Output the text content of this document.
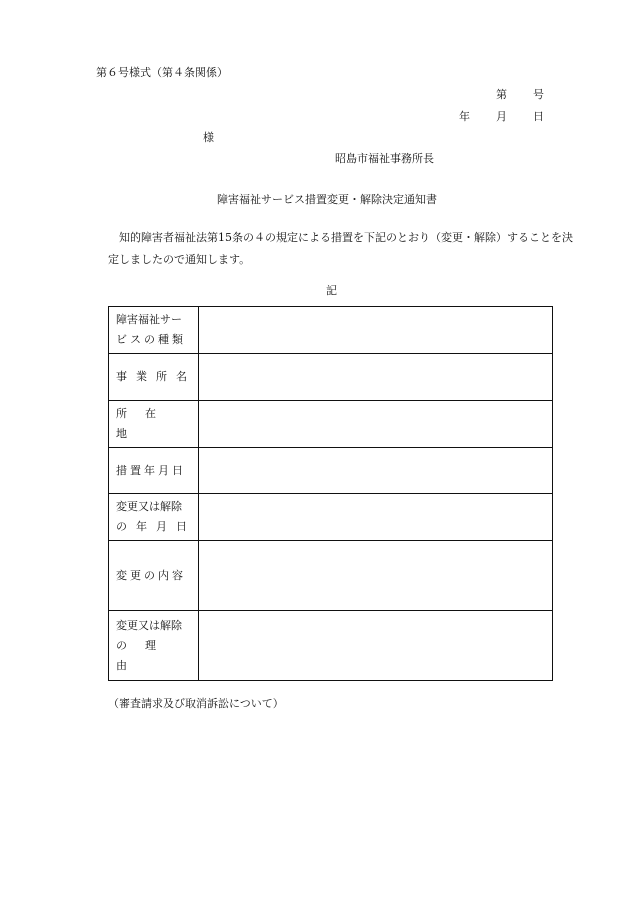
第６号様式（第４条関係）
第 号
年 月 日
様
昭島市福祉事務所長
障害福祉サービス措置変更・解除決定通知書
知的障害者福祉法第15条の４の規定による措置を下記のとおり（変更・解除）することを決定しましたので通知します。
記
障害福祉サー
ビスの種類	

事業所名	

所在地	

措置年月日	

変更又は解除
の年月日	

変更の内容	

変更又は解除
の理由	

（審査請求及び取消訴訟について）
